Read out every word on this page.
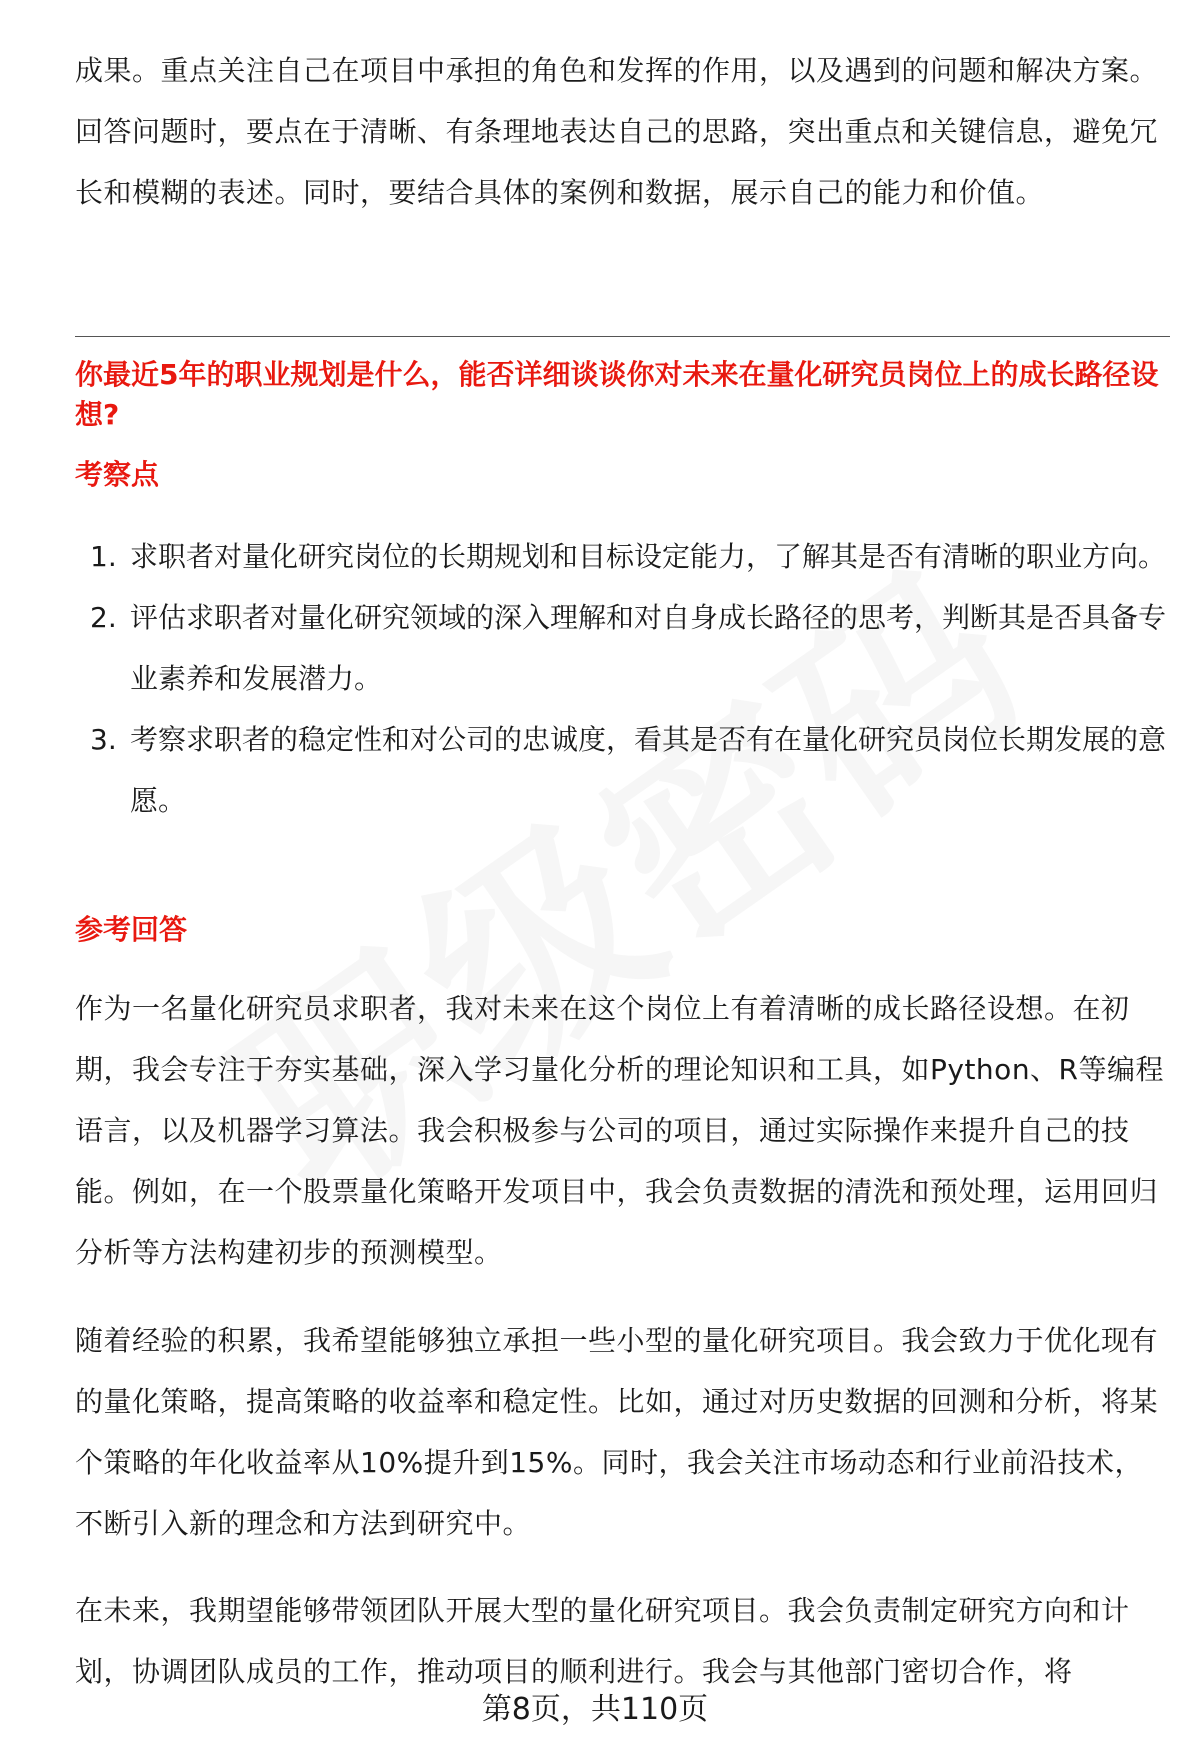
成果。重点关注自己在项目中承担的角色和发挥的作用，以及遇到的问题和解决方案。回答问题时，要点在于清晰、有条理地表达自己的思路，突出重点和关键信息，避免冗长和模糊的表述。同时，要结合具体的案例和数据，展示自己的能力和价值。

你最近5年的职业规划是什么，能否详细谈谈你对未来在量化研究员岗位上的成长路径设想?

考察点

1. 求职者对量化研究岗位的长期规划和目标设定能力，了解其是否有清晰的职业方向。
2. 评估求职者对量化研究领域的深入理解和对自身成长路径的思考，判断其是否具备专业素养和发展潜力。
3. 考察求职者的稳定性和对公司的忠诚度，看其是否有在量化研究员岗位长期发展的意愿。

参考回答

作为一名量化研究员求职者，我对未来在这个岗位上有着清晰的成长路径设想。在初期，我会专注于夯实基础，深入学习量化分析的理论知识和工具，如Python、R等编程语言，以及机器学习算法。我会积极参与公司的项目，通过实际操作来提升自己的技能。例如，在一个股票量化策略开发项目中，我会负责数据的清洗和预处理，运用回归分析等方法构建初步的预测模型。

随着经验的积累，我希望能够独立承担一些小型的量化研究项目。我会致力于优化现有的量化策略，提高策略的收益率和稳定性。比如，通过对历史数据的回测和分析，将某个策略的年化收益率从10%提升到15%。同时，我会关注市场动态和行业前沿技术，不断引入新的理念和方法到研究中。

在未来，我期望能够带领团队开展大型的量化研究项目。我会负责制定研究方向和计划，协调团队成员的工作，推动项目的顺利进行。我会与其他部门密切合作，将

第8页，共110页
